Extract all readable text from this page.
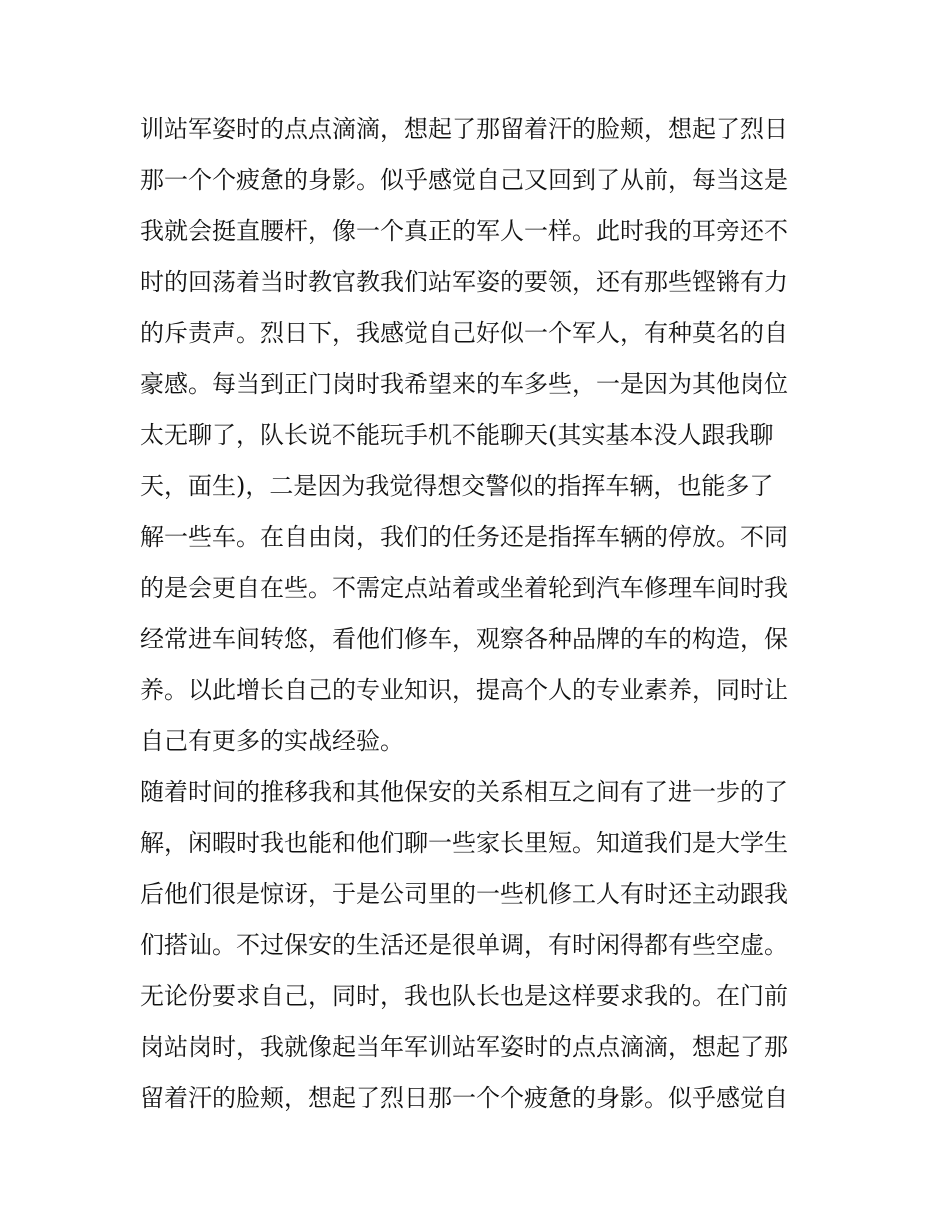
训站军姿时的点点滴滴，想起了那留着汗的脸颊，想起了烈日
那一个个疲惫的身影。似乎感觉自己又回到了从前，每当这是
我就会挺直腰杆，像一个真正的军人一样。此时我的耳旁还不
时的回荡着当时教官教我们站军姿的要领，还有那些铿锵有力
的斥责声。烈日下，我感觉自己好似一个军人，有种莫名的自
豪感。每当到正门岗时我希望来的车多些，一是因为其他岗位
太无聊了，队长说不能玩手机不能聊天(其实基本没人跟我聊
天，面生)，二是因为我觉得想交警似的指挥车辆，也能多了
解一些车。在自由岗，我们的任务还是指挥车辆的停放。不同
的是会更自在些。不需定点站着或坐着轮到汽车修理车间时我
经常进车间转悠，看他们修车，观察各种品牌的车的构造，保
养。以此增长自己的专业知识，提高个人的专业素养，同时让
自己有更多的实战经验。
随着时间的推移我和其他保安的关系相互之间有了进一步的了
解，闲暇时我也能和他们聊一些家长里短。知道我们是大学生
后他们很是惊讶，于是公司里的一些机修工人有时还主动跟我
们搭讪。不过保安的生活还是很单调，有时闲得都有些空虚。
无论份要求自己，同时，我也队长也是这样要求我的。在门前
岗站岗时，我就像起当年军训站军姿时的点点滴滴，想起了那
留着汗的脸颊，想起了烈日那一个个疲惫的身影。似乎感觉自
